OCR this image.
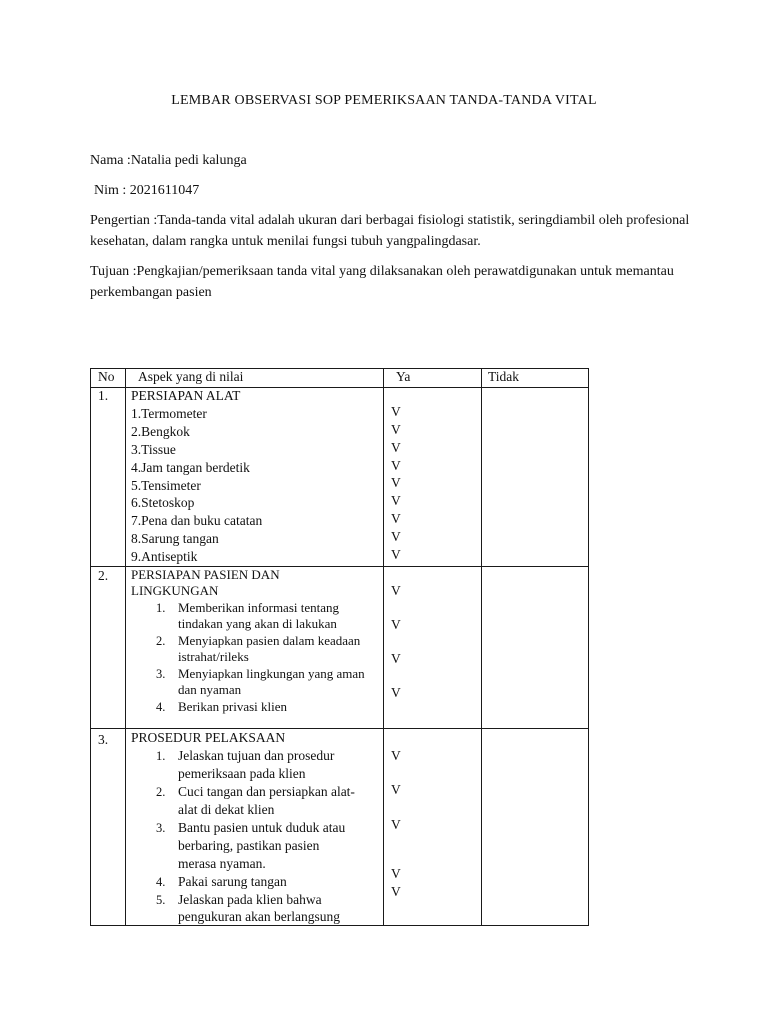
LEMBAR OBSERVASI SOP PEMERIKSAAN TANDA-TANDA VITAL
Nama :Natalia pedi kalunga
Nim : 2021611047
Pengertian :Tanda-tanda vital adalah ukuran dari berbagai fisiologi statistik, seringdiambil oleh profesional kesehatan, dalam rangka untuk menilai fungsi tubuh yangpalingdasar.
Tujuan :Pengkajian/pemeriksaan tanda vital yang dilaksanakan oleh perawatdigunakan untuk memantau perkembangan pasien
No Aspek yang di nilai	Ya	Tidak
1. PERSIAPAN ALAT
1.Termometer
2.Bengkok
3.Tissue
4.Jam tangan berdetik
5.Tensimeter
6.Stetoskop
7.Pena dan buku catatan
8.Sarung tangan
9.Antiseptik
V
V
V
V
V
V
V
V
V
2. PERSIAPAN PASIEN DAN
LINGKUNGAN
1. Memberikan informasi tentang
tindakan yang akan di lakukan
2. Menyiapkan pasien dalam keadaan
istrahat/rileks
3. Menyiapkan lingkungan yang aman
dan nyaman
4. Berikan privasi klien
V
V
V
V
3. PROSEDUR PELAKSAAN
1. Jelaskan tujuan dan prosedur
pemeriksaan pada klien
2. Cuci tangan dan persiapkan alat-
alat di dekat klien
3. Bantu pasien untuk duduk atau
berbaring, pastikan pasien
merasa nyaman.
4. Pakai sarung tangan
5. Jelaskan pada klien bahwa
pengukuran akan berlangsung
V
V
V
V
V
